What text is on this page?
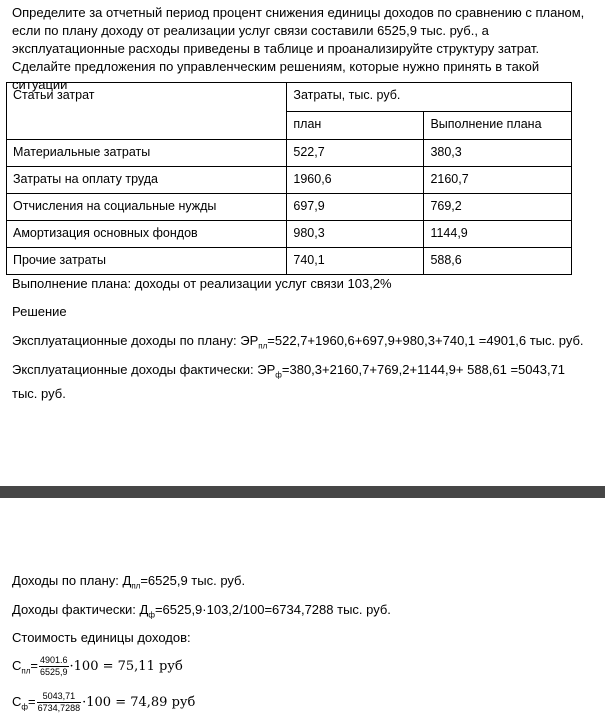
Определите за отчетный период процент снижения единицы доходов по сравнению с планом, если по плану доходу от реализации услуг связи составили 6525,9 тыс. руб., а эксплуатационные расходы приведены в таблице и проанализируйте структуру затрат. Сделайте предложения по управленческим решениям, которые нужно принять в такой ситуации

Статьи затрат	Затраты, тыс. руб.	
	план	Выполнение плана
Материальные затраты	522,7	380,3
Затраты на оплату труда	1960,6	2160,7
Отчисления на социальные нужды	697,9	769,2
Амортизация основных фондов	980,3	1144,9
Прочие затраты	740,1	588,6

Выполнение плана: доходы от реализации услуг связи 103,2%

Решение

Эксплуатационные доходы по плану: $ЭР_{пл}=522,7+1960,6+697,9+980,3+740,1 =4901,6$ тыс. руб.

Эксплуатационные доходы фактически: $ЭР_ф=380,3+2160,7+769,2+1144,9+ 588,61 =5043,71$ тыс. руб.

Доходы по плану: $Д_{пл}=6525,9$ тыс. руб.

Доходы фактически: $Д_ф=6525,9\cdot 103,2/100=6734,7288$ тыс. руб.

Стоимость единицы доходов:

$С_{пл}= \frac{4901.6}{6525,9} \cdot 100 = 75,11$ руб

$С_ф= \frac{5043,71}{6734,7288} \cdot 100 = 74,89$ руб
